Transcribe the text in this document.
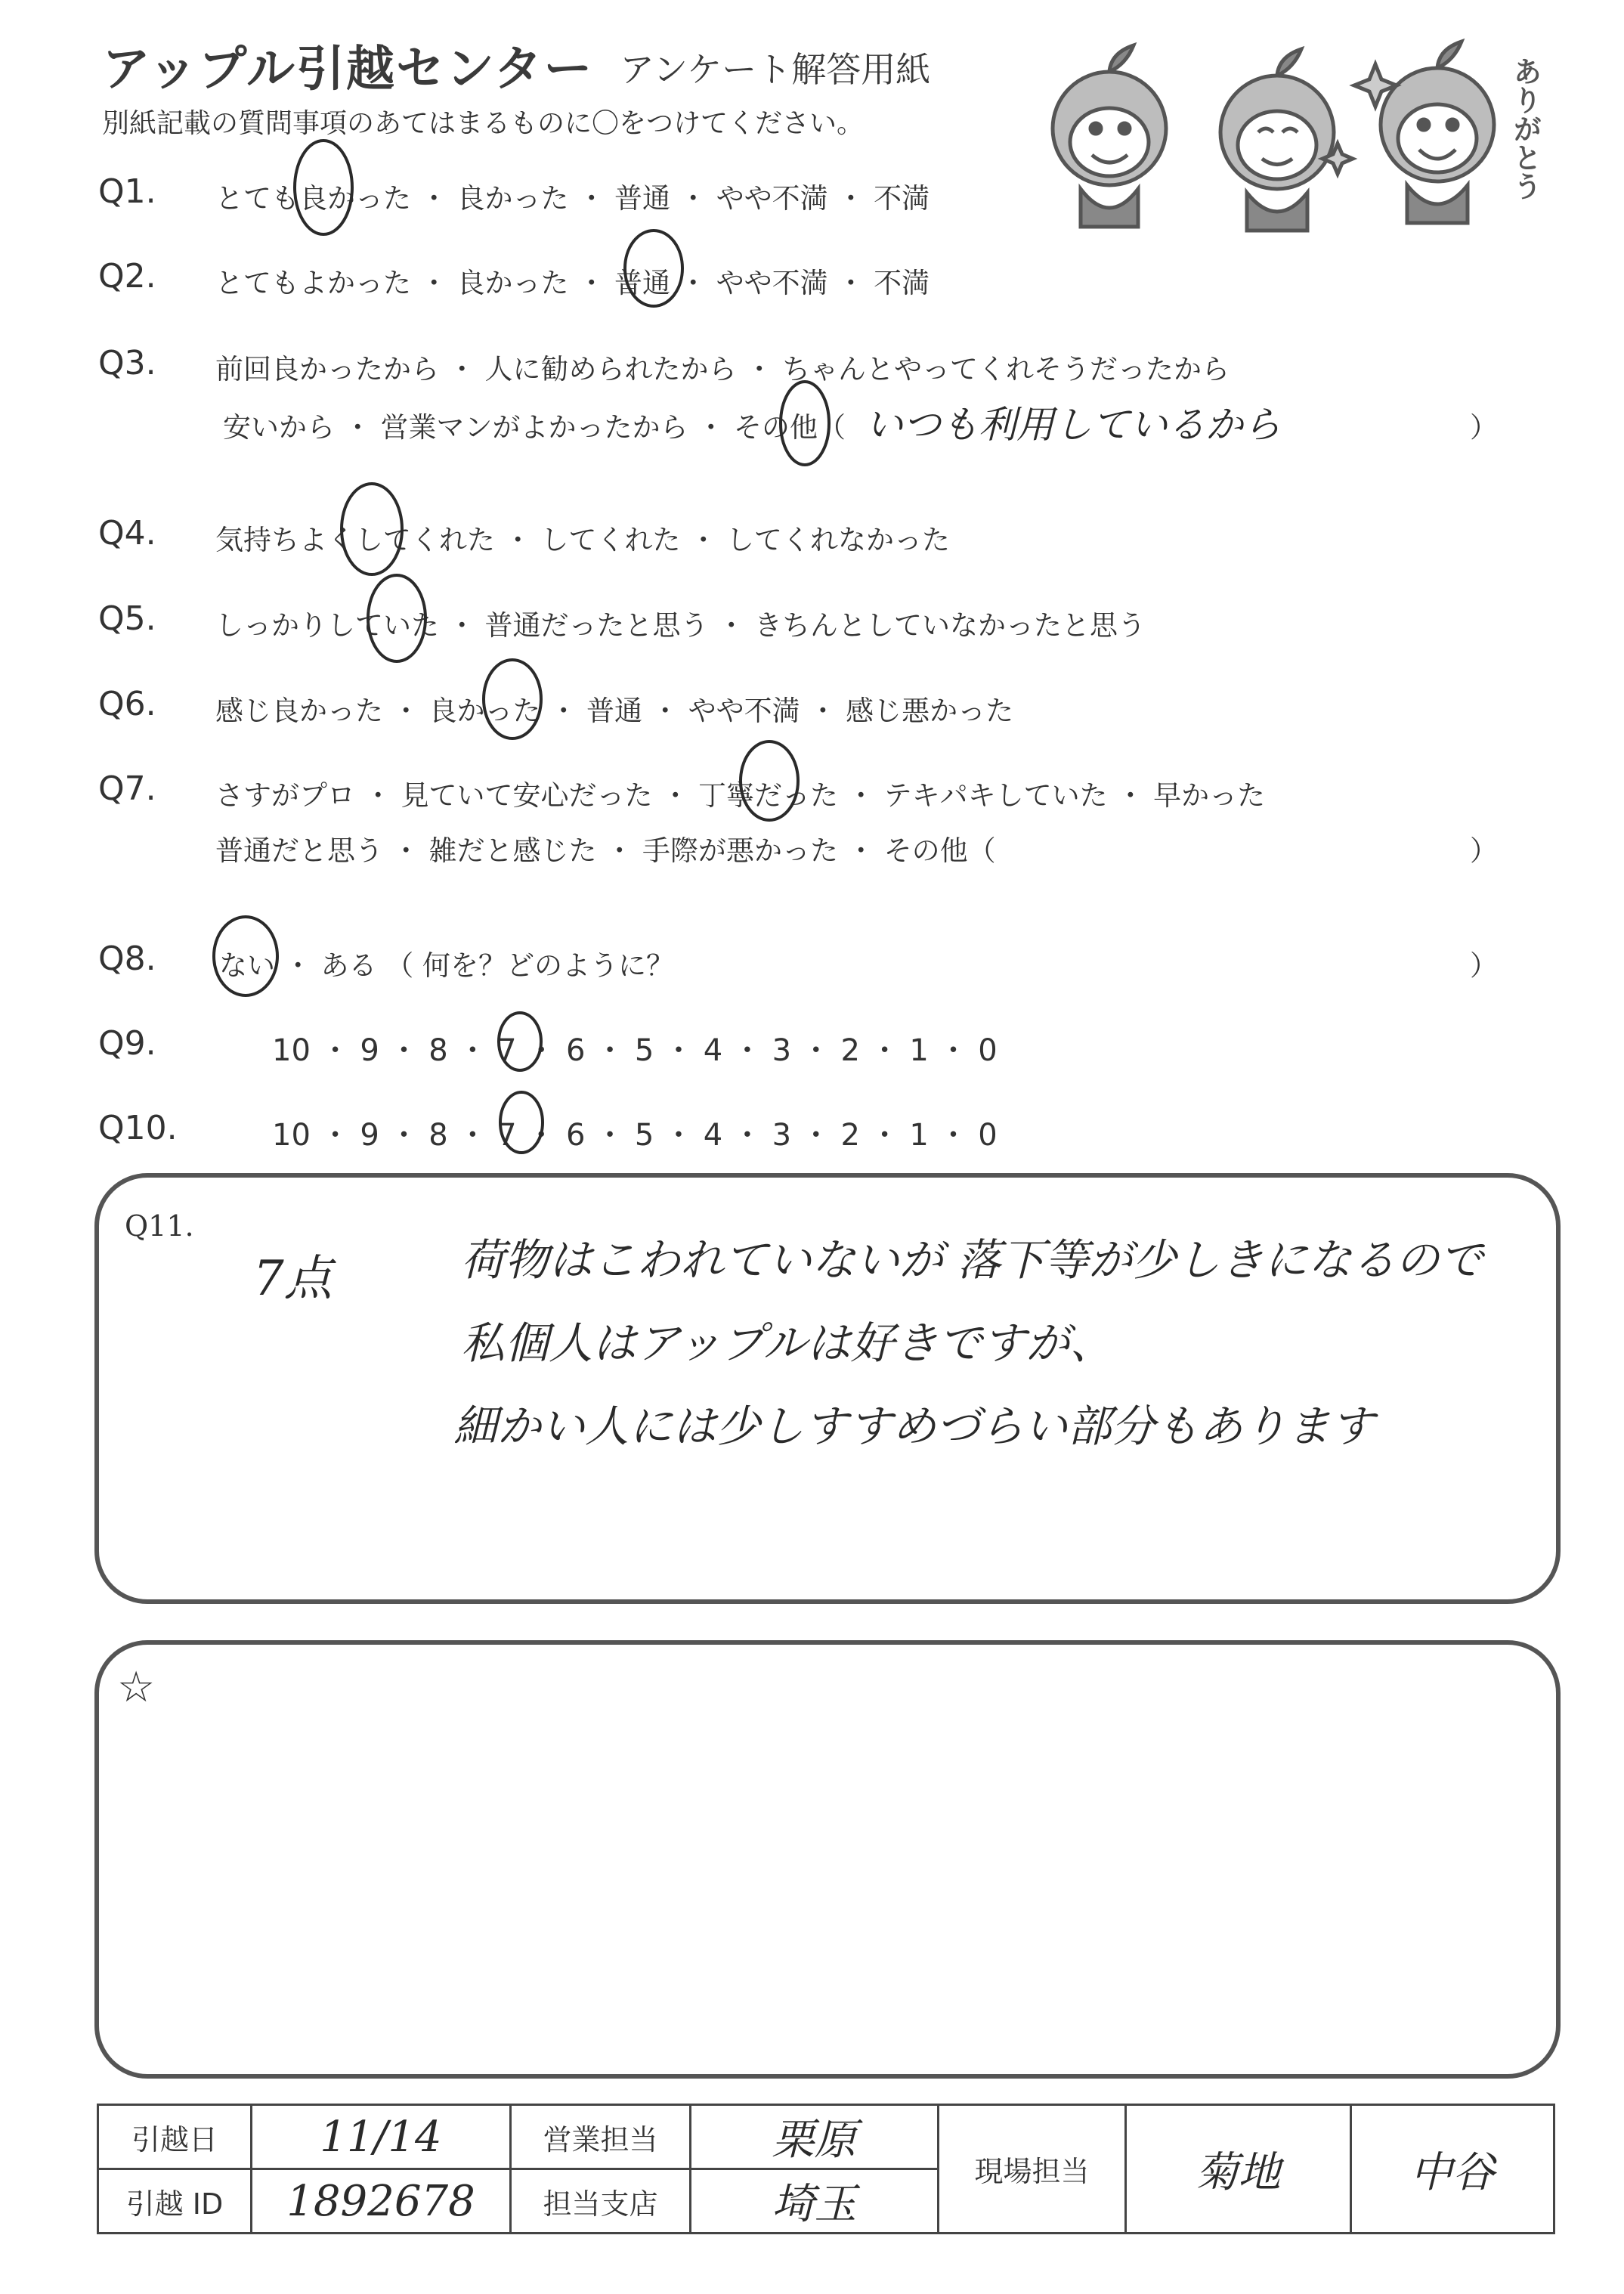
アップル引越センター アンケート解答用紙
別紙記載の質問事項のあてはまるものに〇をつけてください。	ありがとう
Q1. とても良かった ・ 良かった ・ 普通 ・ やや不満 ・ 不満
Q2. とてもよかった ・ 良かった ・ 普通 ・ やや不満 ・ 不満
Q3. 前回良かったから ・ 人に勧められたから ・ ちゃんとやってくれそうだったから
安いから ・ 営業マンがよかったから ・ その他（ いつも利用しているから	）
Q4. 気持ちよくしてくれた ・ してくれた ・ してくれなかった
Q5. しっかりしていた ・ 普通だったと思う ・ きちんとしていなかったと思う
Q6. 感じ良かった ・ 良かった ・ 普通 ・ やや不満 ・ 感じ悪かった
Q7. さすがプロ ・ 見ていて安心だった ・ 丁寧だった ・ テキパキしていた ・ 早かった
普通だと思う ・ 雑だと感じた ・ 手際が悪かった ・ その他（	）
Q8. ない ・ ある （ 何を？どのように？	）
Q9.	10 ・ 9 ・ 8 ・ 7 ・ 6 ・ 5 ・ 4 ・ 3 ・ 2 ・ 1 ・ 0
Q10.	10 ・ 9 ・ 8 ・ 7 ・ 6 ・ 5 ・ 4 ・ 3 ・ 2 ・ 1 ・ 0
Q11.
7点	荷物はこわれていないが 落下等が少しきになるので
私個人はアップルは好きですが、
細かい人には少しすすめづらい部分もあります
☆
引越日	11/14	営業担当	栗原	現場担当	菊地	中谷
引越 ID	1892678	担当支店	埼玉			
